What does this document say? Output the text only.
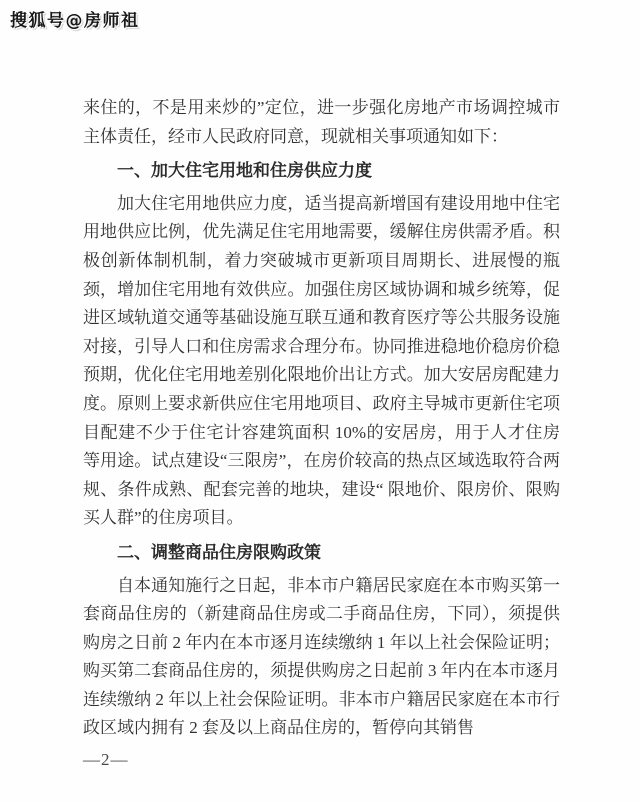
搜狐号@房师祖

来住的，不是用来炒的”定位，进一步强化房地产市场调控城市主体责任，经市人民政府同意，现就相关事项通知如下：

一、加大住宅用地和住房供应力度

加大住宅用地供应力度，适当提高新增国有建设用地中住宅用地供应比例，优先满足住宅用地需要，缓解住房供需矛盾。积极创新体制机制，着力突破城市更新项目周期长、进展慢的瓶颈，增加住宅用地有效供应。加强住房区域协调和城乡统筹，促进区域轨道交通等基础设施互联互通和教育医疗等公共服务设施对接，引导人口和住房需求合理分布。协同推进稳地价稳房价稳预期，优化住宅用地差别化限地价出让方式。加大安居房配建力度。原则上要求新供应住宅用地项目、政府主导城市更新住宅项目配建不少于住宅计容建筑面积 10%的安居房，用于人才住房等用途。试点建设“三限房”，在房价较高的热点区域选取符合两规、条件成熟、配套完善的地块，建设“ 限地价、限房价、限购买人群”的住房项目。

二、调整商品住房限购政策

自本通知施行之日起，非本市户籍居民家庭在本市购买第一套商品住房的（新建商品住房或二手商品住房，下同），须提供购房之日前 2 年内在本市逐月连续缴纳 1 年以上社会保险证明；购买第二套商品住房的，须提供购房之日起前 3 年内在本市逐月连续缴纳 2 年以上社会保险证明。非本市户籍居民家庭在本市行政区域内拥有 2 套及以上商品住房的，暂停向其销售

—2—
